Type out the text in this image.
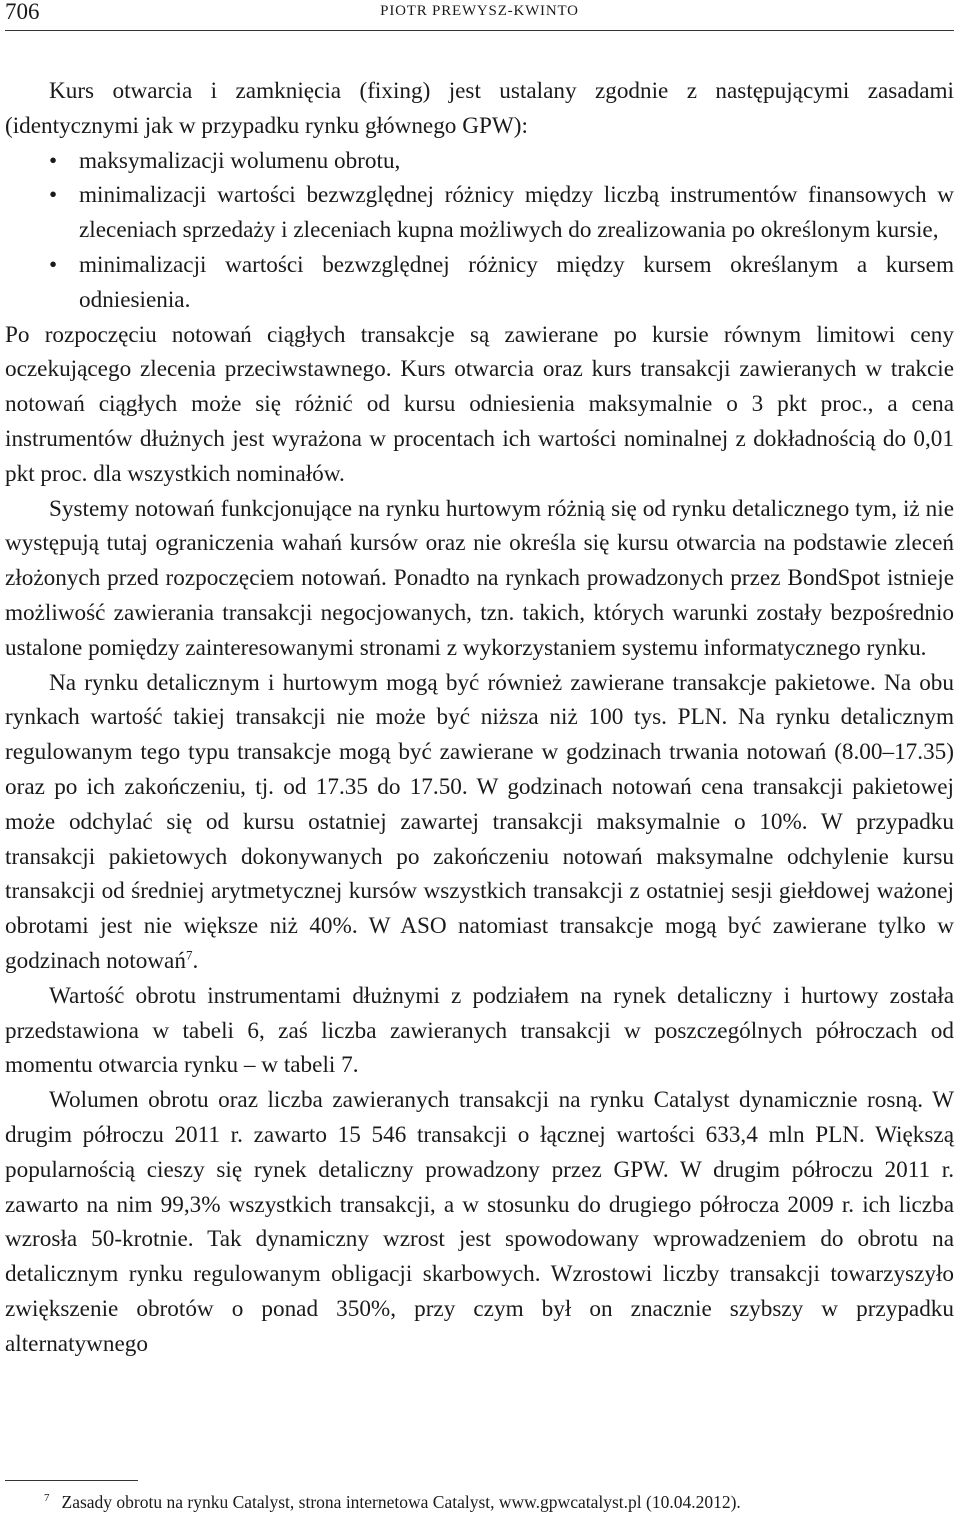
706	PIOTR PREWYSZ-KWINTO

Kurs otwarcia i zamknięcia (fixing) jest ustalany zgodnie z następującymi zasadami (identycznymi jak w przypadku rynku głównego GPW):

• maksymalizacji wolumenu obrotu,
• minimalizacji wartości bezwzględnej różnicy między liczbą instrumentów finansowych w zleceniach sprzedaży i zleceniach kupna możliwych do zrealizowania po określonym kursie,
• minimalizacji wartości bezwzględnej różnicy między kursem określanym a kursem odniesienia.

Po rozpoczęciu notowań ciągłych transakcje są zawierane po kursie równym limitowi ceny oczekującego zlecenia przeciwstawnego. Kurs otwarcia oraz kurs transakcji zawieranych w trakcie notowań ciągłych może się różnić od kursu odniesienia maksymalnie o 3 pkt proc., a cena instrumentów dłużnych jest wyrażona w procentach ich wartości nominalnej z dokładnością do 0,01 pkt proc. dla wszystkich nominałów.

Systemy notowań funkcjonujące na rynku hurtowym różnią się od rynku detalicznego tym, iż nie występują tutaj ograniczenia wahań kursów oraz nie określa się kursu otwarcia na podstawie zleceń złożonych przed rozpoczęciem notowań. Ponadto na rynkach prowadzonych przez BondSpot istnieje możliwość zawierania transakcji negocjowanych, tzn. takich, których warunki zostały bezpośrednio ustalone pomiędzy zainteresowanymi stronami z wykorzystaniem systemu informatycznego rynku.

Na rynku detalicznym i hurtowym mogą być również zawierane transakcje pakietowe. Na obu rynkach wartość takiej transakcji nie może być niższa niż 100 tys. PLN. Na rynku detalicznym regulowanym tego typu transakcje mogą być zawierane w godzinach trwania notowań (8.00–17.35) oraz po ich zakończeniu, tj. od 17.35 do 17.50. W godzinach notowań cena transakcji pakietowej może odchylać się od kursu ostatniej zawartej transakcji maksymalnie o 10%. W przypadku transakcji pakietowych dokonywanych po zakończeniu notowań maksymalne odchylenie kursu transakcji od średniej arytmetycznej kursów wszystkich transakcji z ostatniej sesji giełdowej ważonej obrotami jest nie większe niż 40%. W ASO natomiast transakcje mogą być zawierane tylko w godzinach notowań$^7$.

Wartość obrotu instrumentami dłużnymi z podziałem na rynek detaliczny i hurtowy została przedstawiona w tabeli 6, zaś liczba zawieranych transakcji w poszczególnych półroczach od momentu otwarcia rynku – w tabeli 7.

Wolumen obrotu oraz liczba zawieranych transakcji na rynku Catalyst dynamicznie rosną. W drugim półroczu 2011 r. zawarto 15 546 transakcji o łącznej wartości 633,4 mln PLN. Większą popularnością cieszy się rynek detaliczny prowadzony przez GPW. W drugim półroczu 2011 r. zawarto na nim 99,3% wszystkich transakcji, a w stosunku do drugiego półrocza 2009 r. ich liczba wzrosła 50-krotnie. Tak dynamiczny wzrost jest spowodowany wprowadzeniem do obrotu na detalicznym rynku regulowanym obligacji skarbowych. Wzrostowi liczby transakcji towarzyszyło zwiększenie obrotów o ponad 350%, przy czym był on znacznie szybszy w przypadku alternatywnego

$^7$ Zasady obrotu na rynku Catalyst, strona internetowa Catalyst, www.gpwcatalyst.pl (10.04.2012).
